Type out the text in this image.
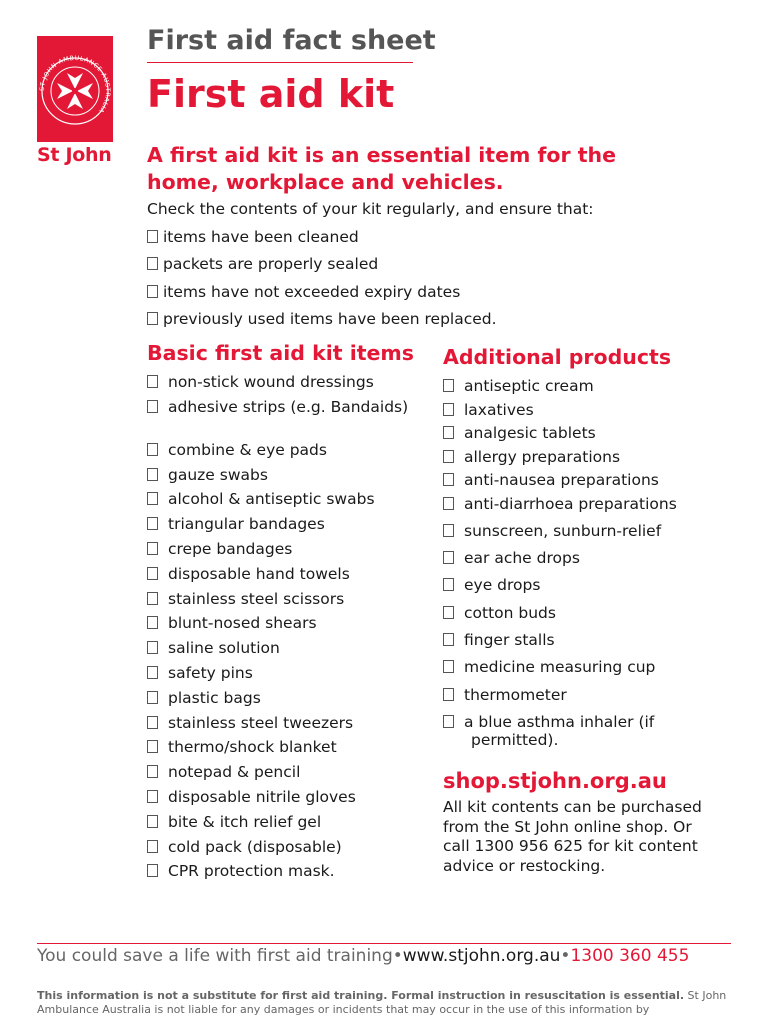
ST JOHN AMBULANCE AUSTRALIA
St John
First aid fact sheet
First aid kit
A first aid kit is an essential item for the home, workplace and vehicles.
Check the contents of your kit regularly, and ensure that:
items have been cleaned
packets are properly sealed
items have not exceeded expiry dates
previously used items have been replaced.
Basic first aid kit items
non-stick wound dressings
adhesive strips (e.g. Bandaids)
combine & eye pads
gauze swabs
alcohol & antiseptic swabs
triangular bandages
crepe bandages
disposable hand towels
stainless steel scissors
blunt-nosed shears
saline solution
safety pins
plastic bags
stainless steel tweezers
thermo/shock blanket
notepad & pencil
disposable nitrile gloves
bite & itch relief gel
cold pack (disposable)
CPR protection mask.
Additional products
antiseptic cream
laxatives
analgesic tablets
allergy preparations
anti-nausea preparations
anti-diarrhoea preparations
sunscreen, sunburn-relief
ear ache drops
eye drops
cotton buds
finger stalls
medicine measuring cup
thermometer
a blue asthma inhaler (if
permitted).
shop.stjohn.org.au
All kit contents can be purchased from the St John online shop. Or call 1300 956 625 for kit content advice or restocking.
You could save a life with first aid training•www.stjohn.org.au•1300 360 455
This information is not a substitute for first aid training. Formal instruction in resuscitation is essential. St John Ambulance Australia is not liable for any damages or incidents that may occur in the use of this information by
